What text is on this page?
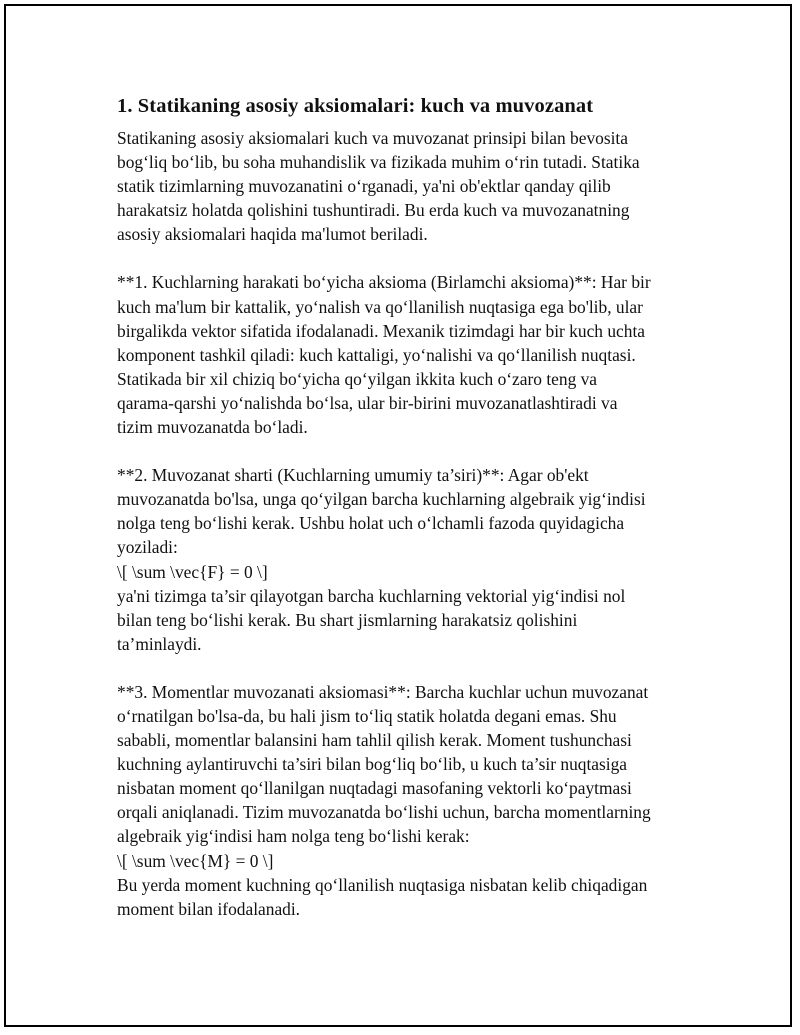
1. Statikaning asosiy aksiomalari: kuch va muvozanat

Statikaning asosiy aksiomalari kuch va muvozanat prinsipi bilan bevosita
bog‘liq bo‘lib, bu soha muhandislik va fizikada muhim o‘rin tutadi. Statika
statik tizimlarning muvozanatini o‘rganadi, ya'ni ob'ektlar qanday qilib
harakatsiz holatda qolishini tushuntiradi. Bu erda kuch va muvozanatning
asosiy aksiomalari haqida ma'lumot beriladi.

**1. Kuchlarning harakati bo‘yicha aksioma (Birlamchi aksioma)**: Har bir
kuch ma'lum bir kattalik, yo‘nalish va qo‘llanilish nuqtasiga ega bo'lib, ular
birgalikda vektor sifatida ifodalanadi. Mexanik tizimdagi har bir kuch uchta
komponent tashkil qiladi: kuch kattaligi, yo‘nalishi va qo‘llanilish nuqtasi.
Statikada bir xil chiziq bo‘yicha qo‘yilgan ikkita kuch o‘zaro teng va
qarama-qarshi yo‘nalishda bo‘lsa, ular bir-birini muvozanatlashtiradi va
tizim muvozanatda bo‘ladi.

**2. Muvozanat sharti (Kuchlarning umumiy ta’siri)**: Agar ob'ekt
muvozanatda bo'lsa, unga qo‘yilgan barcha kuchlarning algebraik yig‘indisi
nolga teng bo‘lishi kerak. Ushbu holat uch o‘lchamli fazoda quyidagicha
yoziladi:
\[ \sum \vec{F} = 0 \]
ya'ni tizimga ta’sir qilayotgan barcha kuchlarning vektorial yig‘indisi nol
bilan teng bo‘lishi kerak. Bu shart jismlarning harakatsiz qolishini
ta’minlaydi.

**3. Momentlar muvozanati aksiomasi**: Barcha kuchlar uchun muvozanat
o‘rnatilgan bo'lsa-da, bu hali jism to‘liq statik holatda degani emas. Shu
sababli, momentlar balansini ham tahlil qilish kerak. Moment tushunchasi
kuchning aylantiruvchi ta’siri bilan bog‘liq bo‘lib, u kuch ta’sir nuqtasiga
nisbatan moment qo‘llanilgan nuqtadagi masofaning vektorli ko‘paytmasi
orqali aniqlanadi. Tizim muvozanatda bo‘lishi uchun, barcha momentlarning
algebraik yig‘indisi ham nolga teng bo‘lishi kerak:
\[ \sum \vec{M} = 0 \]
Bu yerda moment kuchning qo‘llanilish nuqtasiga nisbatan kelib chiqadigan
moment bilan ifodalanadi.
